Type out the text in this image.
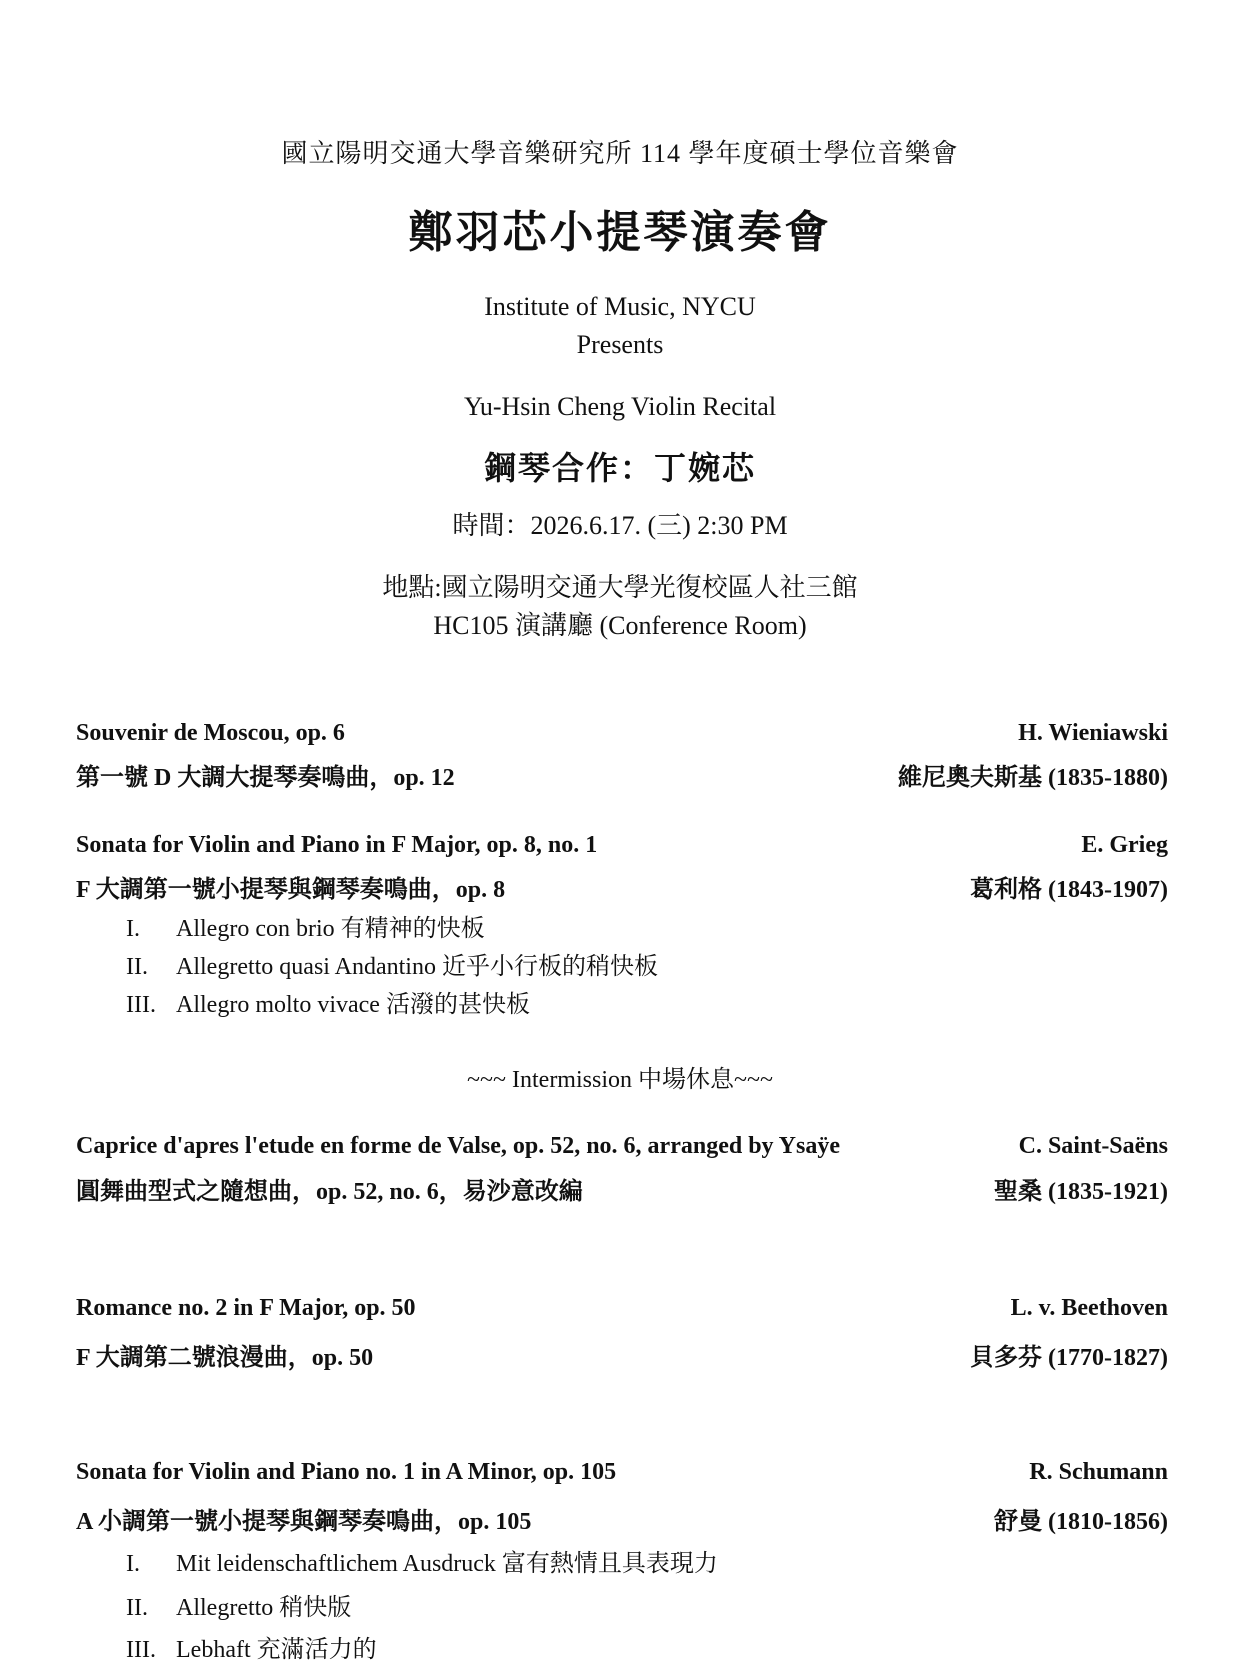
國立陽明交通大學音樂研究所 114 學年度碩士學位音樂會
鄭羽芯小提琴演奏會
Institute of Music, NYCU
Presents
Yu-Hsin Cheng Violin Recital
鋼琴合作：丁婉芯
時間：2026.6.17. (三) 2:30 PM
地點:國立陽明交通大學光復校區人社三館
HC105 演講廳 (Conference Room)
Souvenir de Moscou, op. 6	H. Wieniawski
第一號 D 大調大提琴奏鳴曲，op. 12	維尼奧夫斯基 (1835-1880)
Sonata for Violin and Piano in F Major, op. 8, no. 1	E. Grieg
F 大調第一號小提琴與鋼琴奏鳴曲，op. 8	葛利格 (1843-1907)
I. Allegro con brio 有精神的快板
II. Allegretto quasi Andantino 近乎小行板的稍快板
III. Allegro molto vivace 活潑的甚快板
~~~ Intermission 中場休息~~~
Caprice d'apres l'etude en forme de Valse, op. 52, no. 6, arranged by Ysaÿe	C. Saint-Saëns
圓舞曲型式之隨想曲，op. 52, no. 6，易沙意改編	聖桑 (1835-1921)
Romance no. 2 in F Major, op. 50	L. v. Beethoven
F 大調第二號浪漫曲，op. 50	貝多芬 (1770-1827)
Sonata for Violin and Piano no. 1 in A Minor, op. 105	R. Schumann
A 小調第一號小提琴與鋼琴奏鳴曲，op. 105	舒曼 (1810-1856)
I. Mit leidenschaftlichem Ausdruck 富有熱情且具表現力
II. Allegretto 稍快版
III. Lebhaft 充滿活力的
